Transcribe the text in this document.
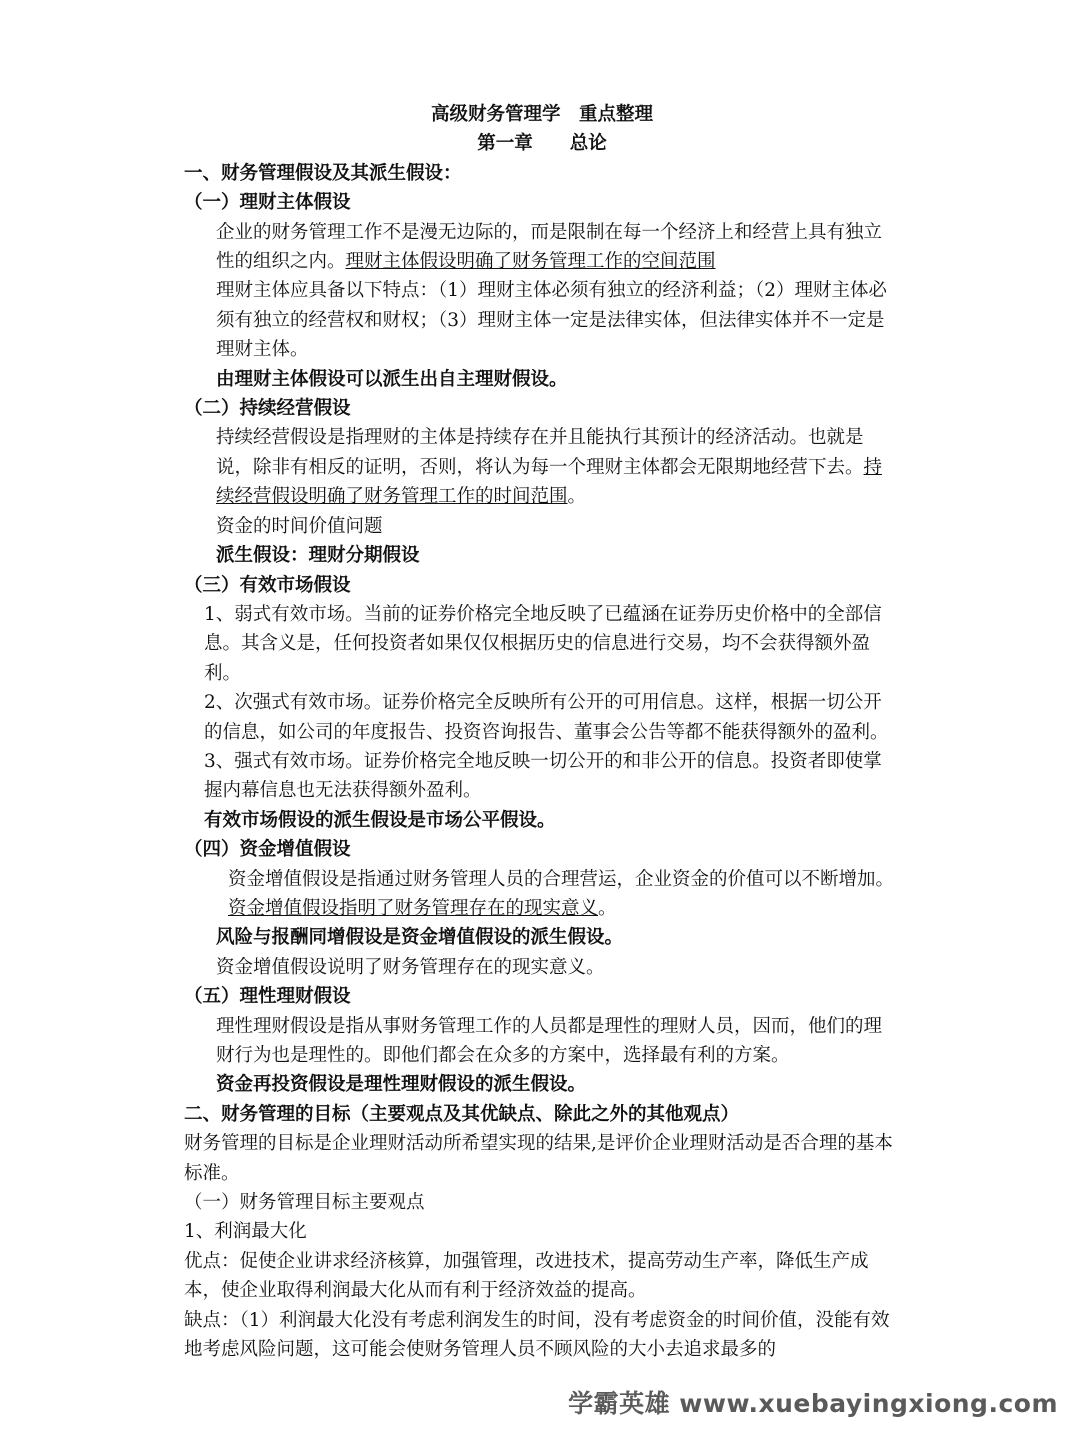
高级财务管理学　重点整理

第一章　　总论

一、财务管理假设及其派生假设：

（一）理财主体假设

企业的财务管理工作不是漫无边际的，而是限制在每一个经济上和经营上具有独立性的组织之内。理财主体假设明确了财务管理工作的空间范围

理财主体应具备以下特点：（1）理财主体必须有独立的经济利益；（2）理财主体必须有独立的经营权和财权；（3）理财主体一定是法律实体，但法律实体并不一定是理财主体。

由理财主体假设可以派生出自主理财假设。

（二）持续经营假设

持续经营假设是指理财的主体是持续存在并且能执行其预计的经济活动。也就是说，除非有相反的证明，否则，将认为每一个理财主体都会无限期地经营下去。持续经营假设明确了财务管理工作的时间范围。

资金的时间价值问题

派生假设：理财分期假设

（三）有效市场假设

1、弱式有效市场。当前的证券价格完全地反映了已蕴涵在证券历史价格中的全部信息。其含义是，任何投资者如果仅仅根据历史的信息进行交易，均不会获得额外盈利。

2、次强式有效市场。证券价格完全反映所有公开的可用信息。这样，根据一切公开的信息，如公司的年度报告、投资咨询报告、董事会公告等都不能获得额外的盈利。

3、强式有效市场。证券价格完全地反映一切公开的和非公开的信息。投资者即使掌握内幕信息也无法获得额外盈利。

有效市场假设的派生假设是市场公平假设。

（四）资金增值假设

资金增值假设是指通过财务管理人员的合理营运，企业资金的价值可以不断增加。资金增值假设指明了财务管理存在的现实意义。

风险与报酬同增假设是资金增值假设的派生假设。

资金增值假设说明了财务管理存在的现实意义。

（五）理性理财假设

理性理财假设是指从事财务管理工作的人员都是理性的理财人员，因而，他们的理财行为也是理性的。即他们都会在众多的方案中，选择最有利的方案。

资金再投资假设是理性理财假设的派生假设。

二、财务管理的目标（主要观点及其优缺点、除此之外的其他观点）

财务管理的目标是企业理财活动所希望实现的结果,是评价企业理财活动是否合理的基本标准。

（一）财务管理目标主要观点

1、利润最大化

优点：促使企业讲求经济核算，加强管理，改进技术，提高劳动生产率，降低生产成本，使企业取得利润最大化从而有利于经济效益的提高。

缺点：（1）利润最大化没有考虑利润发生的时间，没有考虑资金的时间价值，没能有效地考虑风险问题，这可能会使财务管理人员不顾风险的大小去追求最多的

学霸英雄 www.xuebayingxiong.com
